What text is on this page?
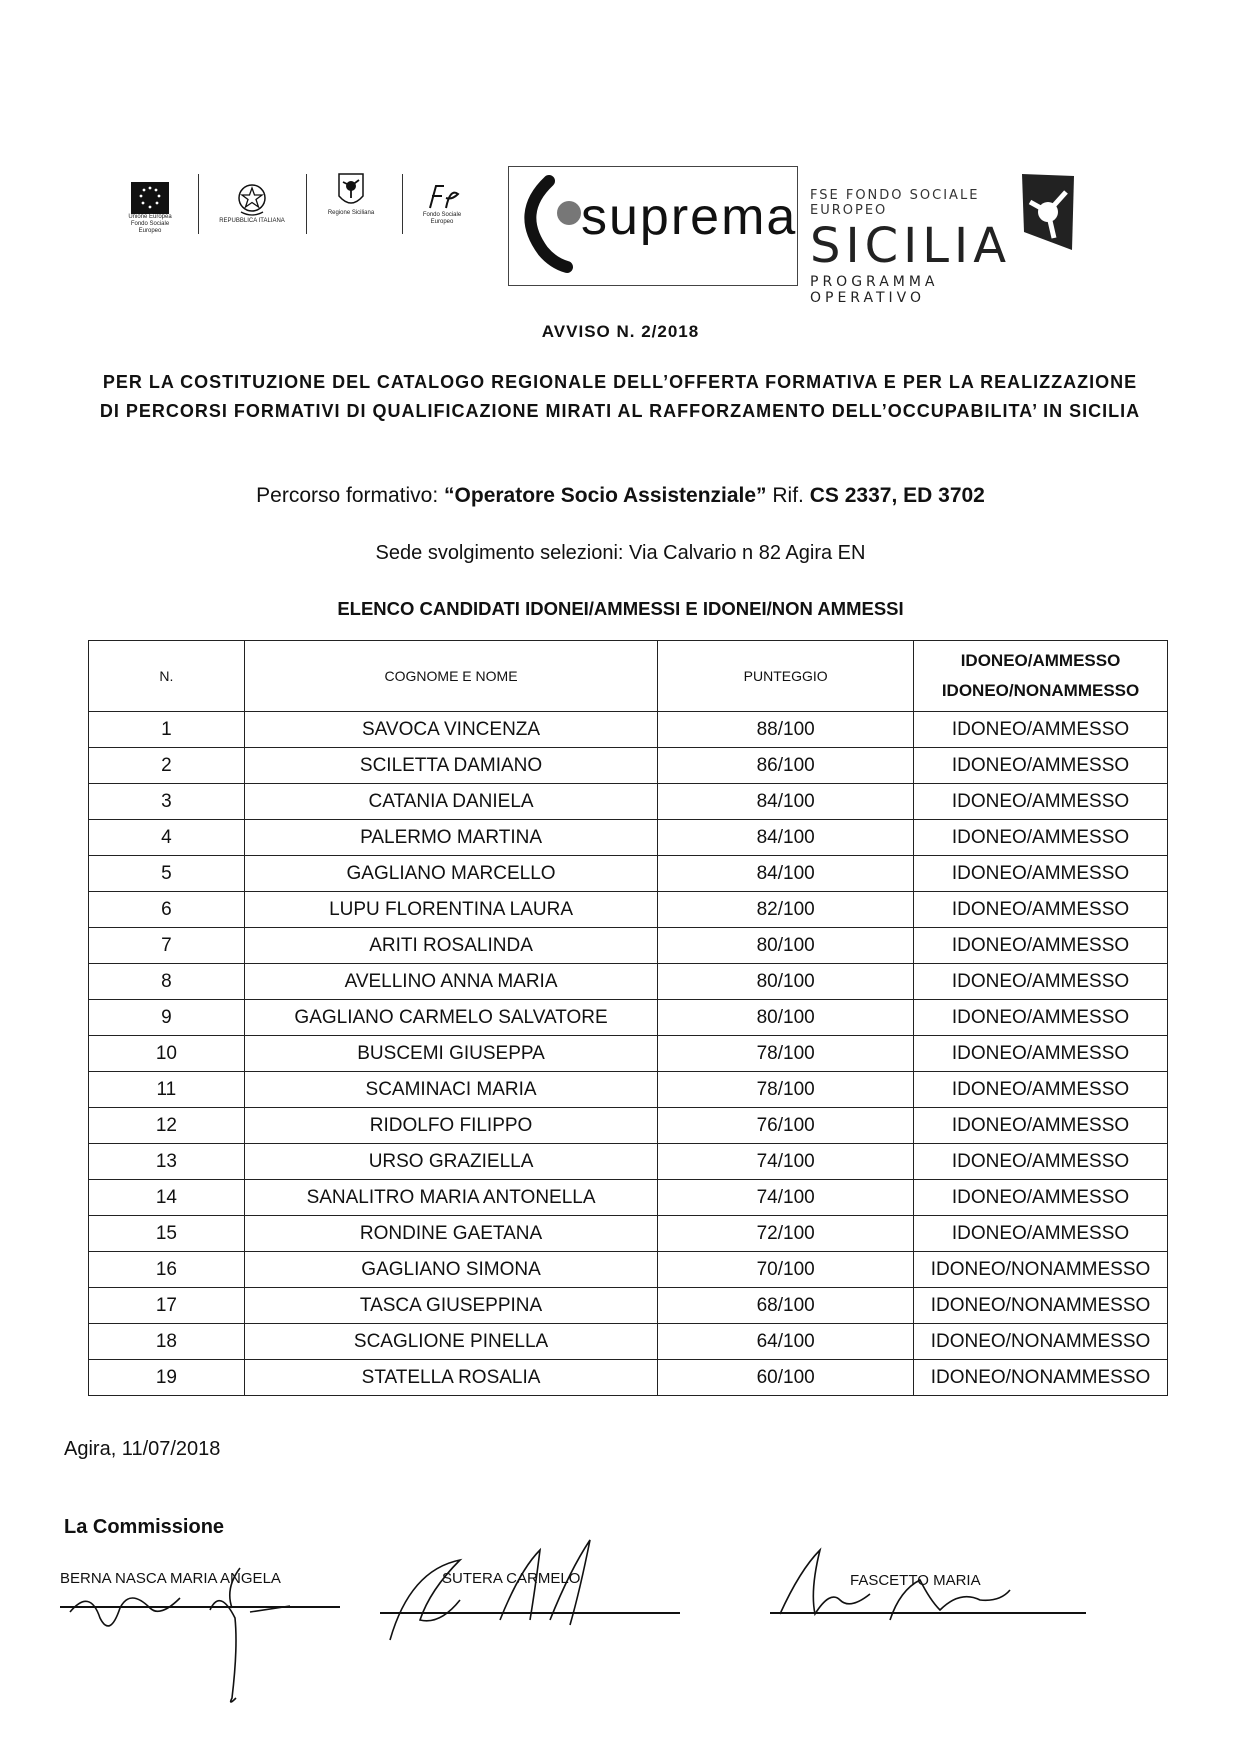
Unione Europea Fondo Sociale Europeo
REPUBBLICA ITALIANA
Regione Siciliana	Fondo Sociale Europeo	suprema FSE FONDO SOCIALE EUROPEO
SICILIA
PROGRAMMA OPERATIVO
AVVISO N. 2/2018
PER LA COSTITUZIONE DEL CATALOGO REGIONALE DELL’OFFERTA FORMATIVA E PER LA REALIZZAZIONE DI PERCORSI FORMATIVI DI QUALIFICAZIONE MIRATI AL RAFFORZAMENTO DELL’OCCUPABILITA’ IN SICILIA
Percorso formativo: “Operatore Socio Assistenziale” Rif. CS 2337, ED 3702
Sede svolgimento selezioni: Via Calvario n 82 Agira EN
ELENCO CANDIDATI IDONEI/AMMESSI E IDONEI/NON AMMESSI
N.	COGNOME E NOME	PUNTEGGIO	IDONEO/AMMESSO
IDONEO/NONAMMESSO

1	SAVOCA VINCENZA	88/100	IDONEO/AMMESSO
2	SCILETTA DAMIANO	86/100	IDONEO/AMMESSO
3	CATANIA DANIELA	84/100	IDONEO/AMMESSO
4	PALERMO MARTINA	84/100	IDONEO/AMMESSO
5	GAGLIANO MARCELLO	84/100	IDONEO/AMMESSO
6	LUPU FLORENTINA LAURA	82/100	IDONEO/AMMESSO
7	ARITI ROSALINDA	80/100	IDONEO/AMMESSO
8	AVELLINO ANNA MARIA	80/100	IDONEO/AMMESSO
9	GAGLIANO CARMELO SALVATORE	80/100	IDONEO/AMMESSO
10	BUSCEMI GIUSEPPA	78/100	IDONEO/AMMESSO
11	SCAMINACI MARIA	78/100	IDONEO/AMMESSO
12	RIDOLFO FILIPPO	76/100	IDONEO/AMMESSO
13	URSO GRAZIELLA	74/100	IDONEO/AMMESSO
14	SANALITRO MARIA ANTONELLA	74/100	IDONEO/AMMESSO
15	RONDINE GAETANA	72/100	IDONEO/AMMESSO
16	GAGLIANO SIMONA	70/100	IDONEO/NONAMMESSO
17	TASCA GIUSEPPINA	68/100	IDONEO/NONAMMESSO
18	SCAGLIONE PINELLA	64/100	IDONEO/NONAMMESSO
19	STATELLA ROSALIA	60/100	IDONEO/NONAMMESSO
Agira, 11/07/2018
La Commissione
BERNA NASCA MARIA ANGELA	SUTERA CARMELO	FASCETTO MARIA
